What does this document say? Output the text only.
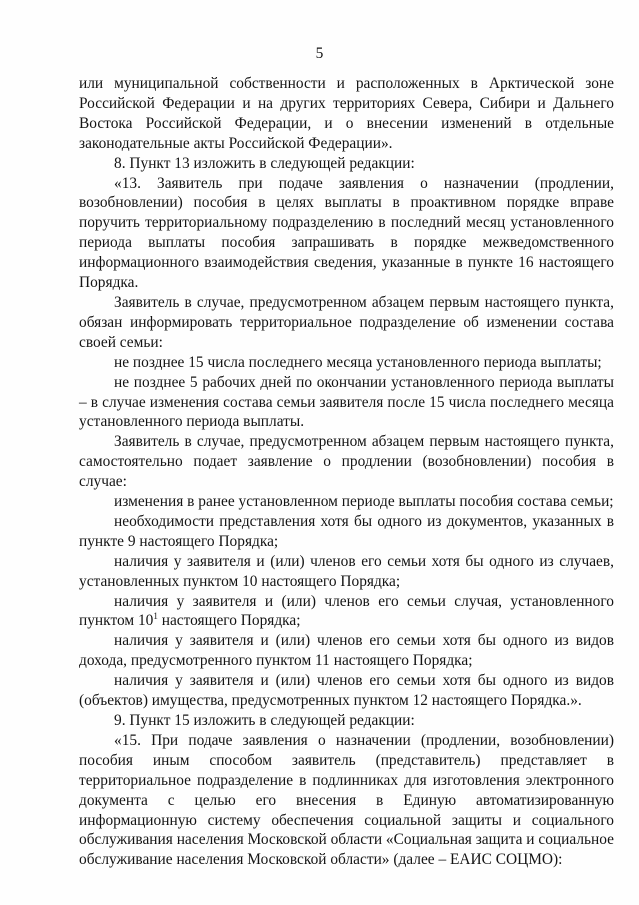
5

или муниципальной собственности и расположенных в Арктической зоне Российской Федерации и на других территориях Севера, Сибири и Дальнего Востока Российской Федерации, и о внесении изменений в отдельные законодательные акты Российской Федерации».

8. Пункт 13 изложить в следующей редакции:

«13. Заявитель при подаче заявления о назначении (продлении, возобновлении) пособия в целях выплаты в проактивном порядке вправе поручить территориальному подразделению в последний месяц установленного периода выплаты пособия запрашивать в порядке межведомственного информационного взаимодействия сведения, указанные в пункте 16 настоящего Порядка.

Заявитель в случае, предусмотренном абзацем первым настоящего пункта, обязан информировать территориальное подразделение об изменении состава своей семьи:

не позднее 15 числа последнего месяца установленного периода выплаты;

не позднее 5 рабочих дней по окончании установленного периода выплаты – в случае изменения состава семьи заявителя после 15 числа последнего месяца установленного периода выплаты.

Заявитель в случае, предусмотренном абзацем первым настоящего пункта, самостоятельно подает заявление о продлении (возобновлении) пособия в случае:

изменения в ранее установленном периоде выплаты пособия состава семьи;

необходимости представления хотя бы одного из документов, указанных в пункте 9 настоящего Порядка;

наличия у заявителя и (или) членов его семьи хотя бы одного из случаев, установленных пунктом 10 настоящего Порядка;

наличия у заявителя и (или) членов его семьи случая, установленного пунктом $10^1$ настоящего Порядка;

наличия у заявителя и (или) членов его семьи хотя бы одного из видов дохода, предусмотренного пунктом 11 настоящего Порядка;

наличия у заявителя и (или) членов его семьи хотя бы одного из видов (объектов) имущества, предусмотренных пунктом 12 настоящего Порядка.».

9. Пункт 15 изложить в следующей редакции:

«15. При подаче заявления о назначении (продлении, возобновлении) пособия иным способом заявитель (представитель) представляет в территориальное подразделение в подлинниках для изготовления электронного документа с целью его внесения в Единую автоматизированную информационную систему обеспечения социальной защиты и социального обслуживания населения Московской области «Социальная защита и социальное обслуживание населения Московской области» (далее – ЕАИС СОЦМО):
